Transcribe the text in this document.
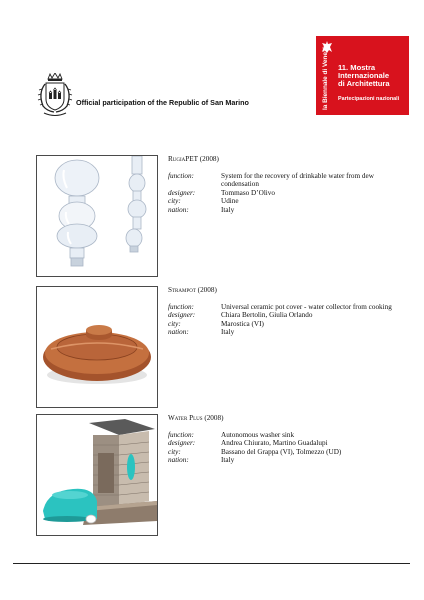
Official participation of the Republic of San Marino	la Biennale di Venezia 11. Mostra
Internazionale
di Architettura
Partecipazioni nazionali
RugiaPET (2008)
function:	System for the recovery of drinkable water from dew condensation
designer:	Tommaso D’Olivo
city:	Udine
nation:	Italy
Strampot (2008)
function:	Universal ceramic pot cover - water collector from cooking
designer:	Chiara Bertolin, Giulia Orlando
city:	Marostica (VI)
nation:	Italy
Water Plus (2008)
function:	Autonomous washer sink
designer:	Andrea Chiurato, Martino Guadalupi
city:	Bassano del Grappa (VI), Tolmezzo (UD)
nation:	Italy
